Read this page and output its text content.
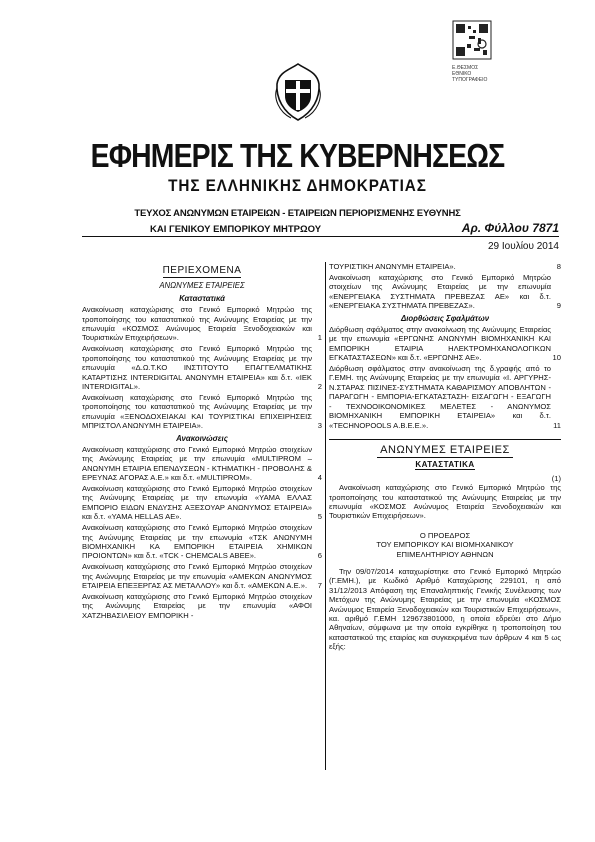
Ε.ΘΕΣΜΟΣ
ΕΘΝΙΚΟ
ΤΥΠΟΓΡΑΦΕΙΟ
ΕΦΗΜΕΡΙΣ ΤΗΣ ΚΥΒΕΡΝΗΣΕΩΣ
ΤΗΣ ΕΛΛΗΝΙΚΗΣ ΔΗΜΟΚΡΑΤΙΑΣ
ΤΕΥΧΟΣ ΑΝΩΝΥΜΩΝ ΕΤΑΙΡΕΙΩΝ - ΕΤΑΙΡΕΙΩΝ ΠΕΡΙΟΡΙΣΜΕΝΗΣ ΕΥΘΥΝΗΣ
ΚΑΙ ΓΕΝΙΚΟΥ ΕΜΠΟΡΙΚΟΥ ΜΗΤΡΩΟΥ	Αρ. Φύλλου 7871
29 Ιουλίου 2014
ΠΕΡΙΕΧΟΜΕΝΑ
ΑΝΩΝΥΜΕΣ ΕΤΑΙΡΕΙΕΣ
Καταστατικά
Ανακοίνωση καταχώρισης στο Γενικό Εμπορικό Μητρώο της τροποποίησης του καταστατικού της Ανώνυμης Εταιρείας με την επωνυμία «ΚΟΣΜΟΣ Ανώνυμος Εταιρεία Ξενοδοχειακών και Τουριστικών Επιχειρήσεων».	1
Ανακοίνωση καταχώρισης στο Γενικό Εμπορικό Μητρώο της τροποποίησης του καταστατικού της Ανώνυμης Εταιρείας με την επωνυμία «Δ.Ω.Τ.ΚΟ ΙΝΣΤΙΤΟΥΤΟ ΕΠΑΓΓΕΛΜΑΤΙΚΗΣ ΚΑΤΑΡΤΙΣΗΣ INTERDIGITAL ΑΝΩΝΥΜΗ ΕΤΑΙΡΕΙΑ» και δ.τ. «ΙΕΚ INTERDIGITAL».	2
Ανακοίνωση καταχώρισης στο Γενικό Εμπορικό Μητρώο της τροποποίησης του καταστατικού της Ανώνυμης Εταιρείας με την επωνυμία «ΞΕΝΟΔΟΧΕΙΑΚΑΙ ΚΑΙ ΤΟΥΡΙΣΤΙΚΑΙ ΕΠΙΧΕΙΡΗΣΕΙΣ ΜΠΡΙΣΤΟΛ ΑΝΩΝΥΜΗ ΕΤΑΙΡΕΙΑ».	3
Ανακοινώσεις
Ανακοίνωση καταχώρισης στο Γενικό Εμπορικό Μητρώο στοιχείων της Ανώνυμης Εταιρείας με την επωνυμία «MULTIPROM – ΑΝΩΝΥΜΗ ΕΤΑΙΡΙΑ ΕΠΕΝΔΥΣΕΩΝ - ΚΤΗΜΑΤΙΚΗ - ΠΡΟΒΟΛΗΣ & ΕΡΕΥΝΑΣ ΑΓΟΡΑΣ Α.Ε.» και δ.τ. «MULTIPROM».	4
Ανακοίνωση καταχώρισης στο Γενικό Εμπορικό Μητρώο στοιχείων της Ανώνυμης Εταιρείας με την επωνυμία «ΥΑΜΑ ΕΛΛΑΣ ΕΜΠΟΡΙΟ ΕΙΔΩΝ ΕΝΔΥΣΗΣ ΑΞΕΣΟΥΑΡ ΑΝΩΝΥΜΟΣ ΕΤΑΙΡΕΙΑ» και δ.τ. «ΥΑΜΑ HELLAS AE».	5
Ανακοίνωση καταχώρισης στο Γενικό Εμπορικό Μητρώο στοιχείων της Ανώνυμης Εταιρείας με την επωνυμία «ΤΣΚ ΑΝΩΝΥΜΗ ΒΙΟΜΗΧΑΝΙΚΗ ΚΑ ΕΜΠΟΡΙΚΗ ΕΤΑΙΡΕΙΑ ΧΗΜΙΚΩΝ ΠΡΟΙΟΝΤΩΝ» και δ.τ. «ΤCK - CHEMCALS ABEE».	6
Ανακοίνωση καταχώρισης στο Γενικό Εμπορικό Μητρώο στοιχείων της Ανώνυμης Εταιρείας με την επωνυμία «ΑΜΕΚΩΝ ΑΝΩΝΥΜΟΣ ΕΤΑΙΡΕΙΑ ΕΠΕΞΕΡΓΑΣ ΑΣ ΜΕΤΑΛΛΟΥ» και δ.τ. «ΑΜΕΚΩΝ Α.Ε.». 7
Ανακοίνωση καταχώρισης στο Γενικό Εμπορικό Μητρώο στοιχείων της Ανώνυμης Εταιρείας με την επωνυμία «ΑΦΟΙ ΧΑΤΖΗΒΑΣΙΛΕΙΟΥ ΕΜΠΟΡΙΚΗ -
ΤΟΥΡΙΣΤΙΚΗ ΑΝΩΝΥΜΗ ΕΤΑΙΡΕΙΑ».	8
Ανακοίνωση καταχώρισης στο Γενικό Εμπορικό Μητρώο στοιχείων της Ανώνυμης Εταιρείας με την επωνυμία «ΕΝΕΡΓΕΙΑΚΑ ΣΥΣΤΗΜΑΤΑ ΠΡΕΒΕΖΑΣ ΑΕ» και δ.τ. «ΕΝΕΡΓΕΙΑΚΑ ΣΥΣΤΗΜΑΤΑ ΠΡΕΒΕΖΑΣ».	9
Διορθώσεις Σφαλμάτων
Διόρθωση σφάλματος στην ανακοίνωση της Ανώνυμης Εταιρείας με την επωνυμία «ΕΡΓΩΝΗΣ ΑΝΩΝΥΜΗ ΒΙΟΜΗΧΑΝΙΚΗ ΚΑΙ ΕΜΠΟΡΙΚΗ ΕΤΑΙΡΙΑ ΗΛΕΚΤΡΟΜΗΧΑΝΟΛΟΓΙΚΩΝ ΕΓΚΑΤΑΣΤΑΣΕΩΝ» και δ.τ. «ΕΡΓΩΝΗΣ ΑΕ».	10
Διόρθωση σφάλματος στην ανακοίνωση της δ.γραφής από το Γ.ΕΜΗ. της Ανώνυμης Εταιρείας με την επωνυμία «Ι. ΑΡΓΥΡΗΣ-Ν.ΣΤΑΡΑΣ ΠΙΣΙΝΕΣ-ΣΥΣΤΗΜΑΤΑ ΚΑΘΑΡΙΣΜΟΥ ΑΠΟΒΛΗΤΩΝ - ΠΑΡΑΓΩΓΗ - ΕΜΠΟΡΙΑ-ΕΓΚΑΤΑΣΤΑΣΗ- ΕΙΣΑΓΩΓΗ - ΕΞΑΓΩΓΗ - ΤΕΧΝΟΟΙΚΟΝΟΜΙΚΕΣ ΜΕΛΕΤΕΣ - ΑΝΩΝΥΜΟΣ ΒΙΟΜΗΧΑΝΙΚΗ ΕΜΠΟΡΙΚΗ ΕΤΑΙΡΕΙΑ» και δ.τ. «TECHNOPOOLS A.B.E.E.».	11
ΑΝΩΝΥΜΕΣ ΕΤΑΙΡΕΙΕΣ
ΚΑΤΑΣΤΑΤΙΚΑ
(1)
Ανακοίνωση καταχώρισης στο Γενικό Εμπορικό Μητρώο της τροποποίησης του καταστατικού της Ανώνυμης Εταιρείας με την επωνυμία «ΚΟΣΜΟΣ Ανώνυμος Εταιρεία Ξενοδοχειακών και Τουριστικών Επιχειρήσεων».
Ο ΠΡΟΕΔΡΟΣ
ΤΟΥ ΕΜΠΟΡΙΚΟΥ ΚΑΙ ΒΙΟΜΗΧΑΝΙΚΟΥ
ΕΠΙΜΕΛΗΤΗΡΙΟΥ ΑΘΗΝΩΝ
Την 09/07/2014 καταχωρίστηκε στο Γενικό Εμπορικό Μητρώο (Γ.ΕΜΗ.), με Κωδικό Αριθμό Καταχώρισης 229101, η από 31/12/2013 Απόφαση της Επαναληπτικής Γενικής Συνέλευσης των Μετόχων της Ανώνυμης Εταιρείας με την επωνυμία «ΚΟΣΜΟΣ Ανώνυμος Εταιρεία Ξενοδοχειακών και Τουριστικών Επιχειρήσεων», κα. αριθμό Γ.ΕΜΗ 129673801000, η οποία εδρεύει στο Δήμο Αθηναίων, σύμφωνα με την οποία εγκρίθηκε η τροποποίηση του καταστατικού της εταιρίας και συγκεκριμένα των άρθρων 4 και 5 ως εξής:
